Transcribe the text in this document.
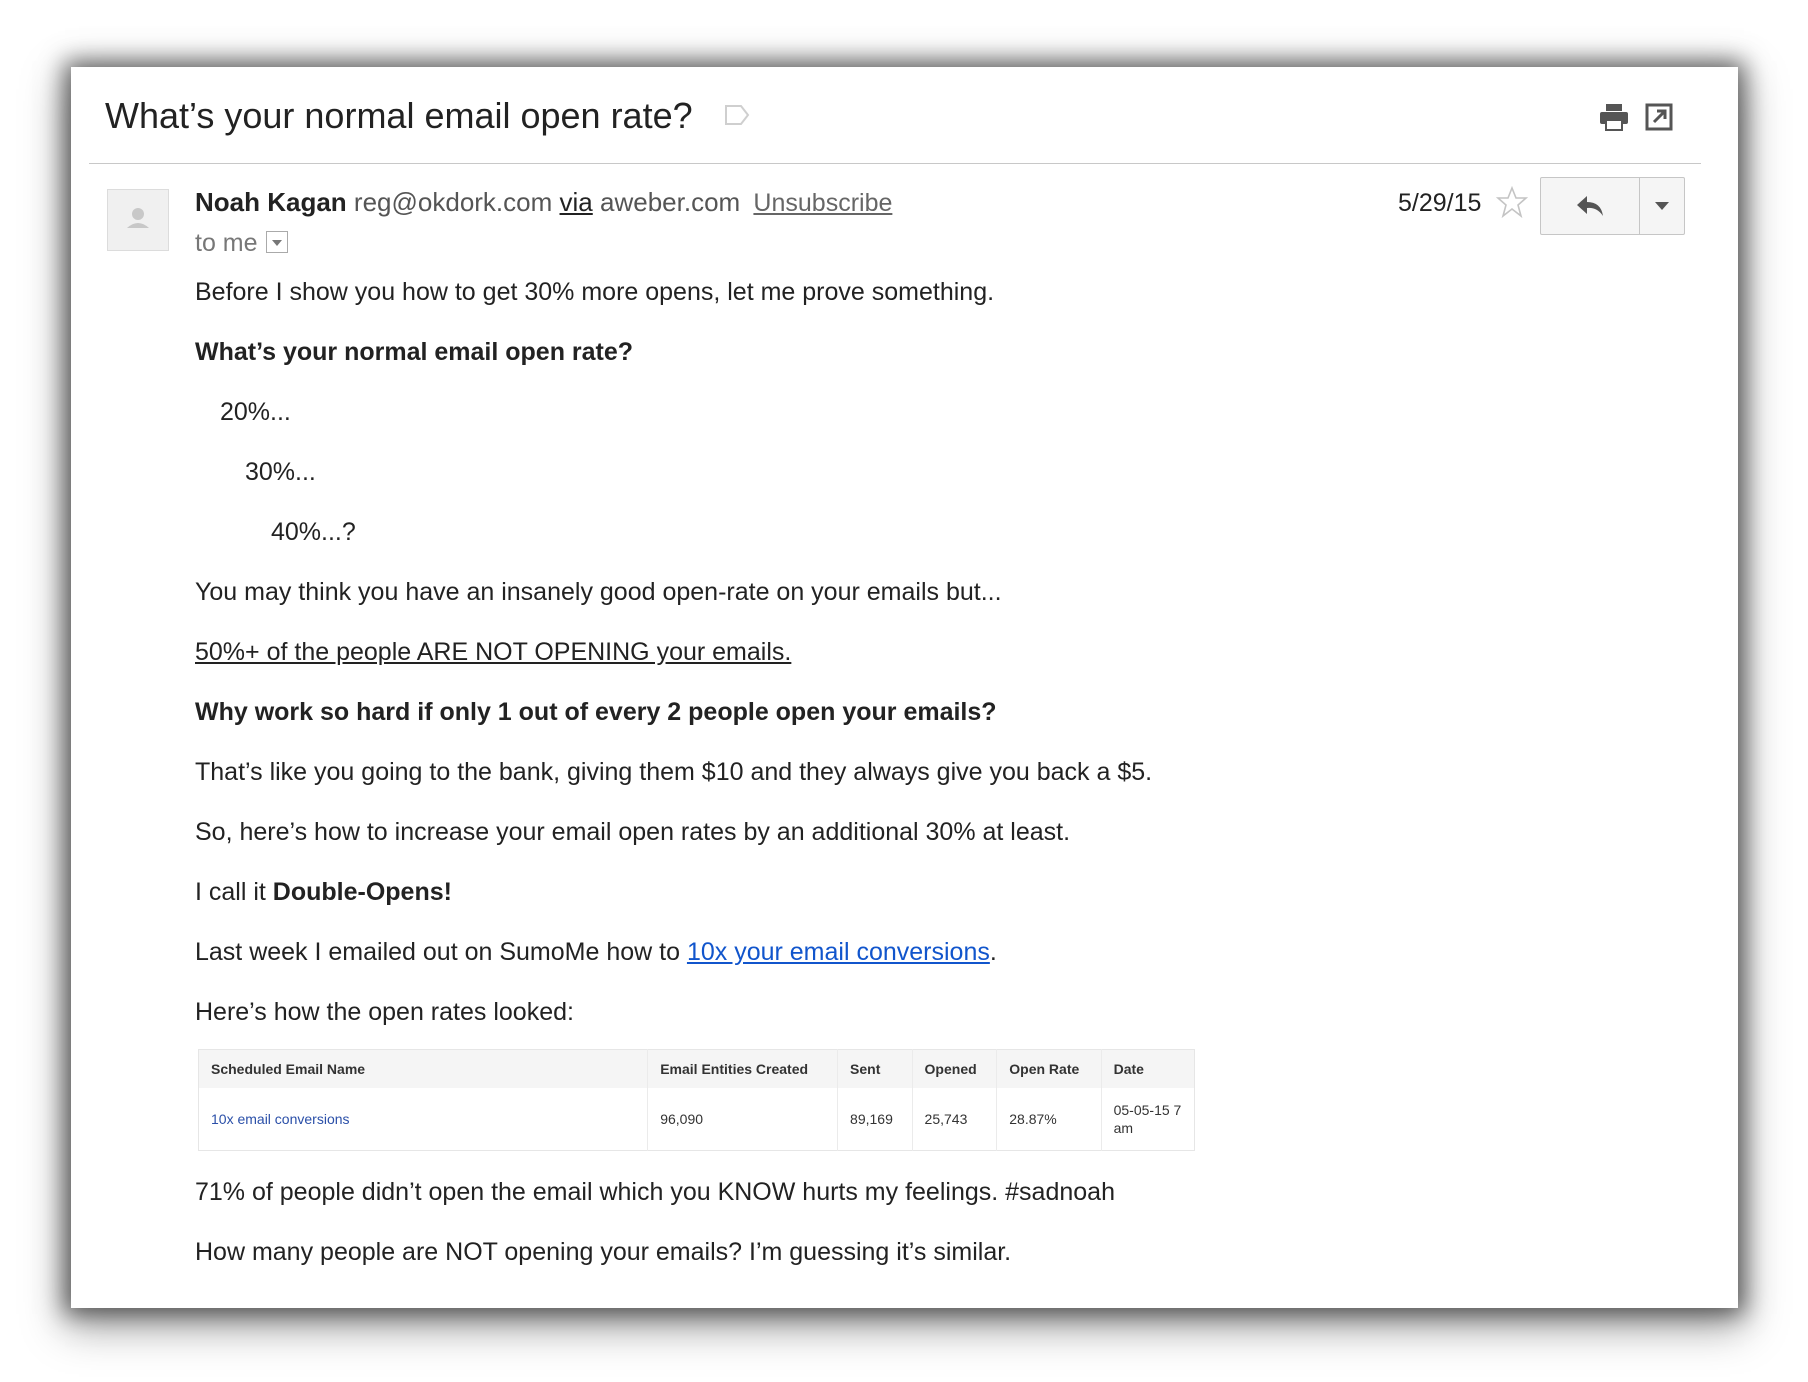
What’s your normal email open rate?
Noah Kagan reg@okdork.com via aweber.com Unsubscribe
to me
5/29/15

Before I show you how to get 30% more opens, let me prove something.

What’s your normal email open rate?

20%...

30%...

40%...?

You may think you have an insanely good open-rate on your emails but...

50%+ of the people ARE NOT OPENING your emails.

Why work so hard if only 1 out of every 2 people open your emails?

That’s like you going to the bank, giving them $10 and they always give you back a $5.

So, here’s how to increase your email open rates by an additional 30% at least.

I call it Double-Opens!

Last week I emailed out on SumoMe how to 10x your email conversions.

Here’s how the open rates looked:

Scheduled Email Name	Email Entities Created	Sent	Opened	Open Rate	Date
10x email conversions	96,090	89,169	25,743	28.87%	05-05-15 7 am

71% of people didn’t open the email which you KNOW hurts my feelings. #sadnoah

How many people are NOT opening your emails? I’m guessing it’s similar.
